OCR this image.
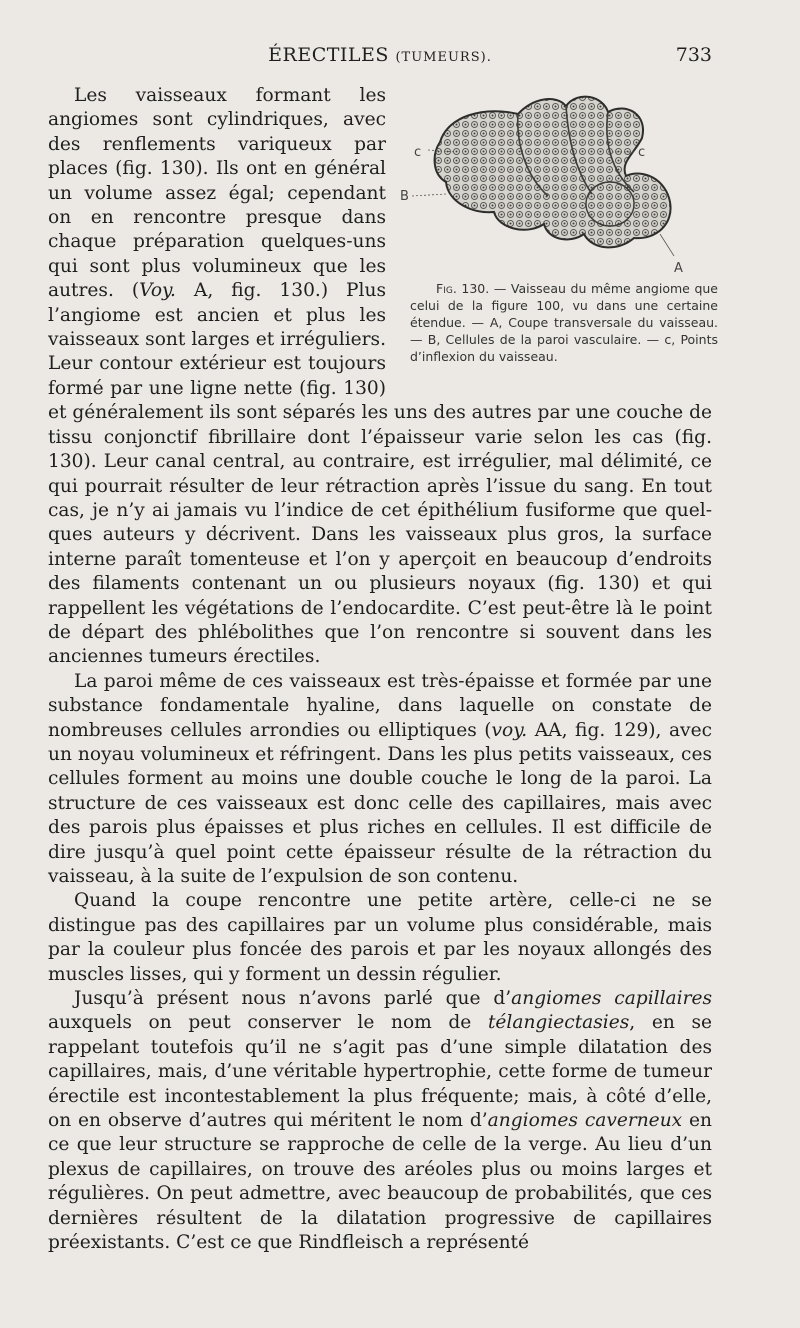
ÉRECTILES (TUMEURS).	733

c	c
B
A
Fig. 130. — Vaisseau du même angiome que celui de la figure 100, vu dans une certaine étendue. — A, Coupe transversale du vaisseau. — B, Cellules de la paroi vasculaire. — c, Points d’inflexion du vaisseau.
Les vaisseaux formant les angiomes sont cylindriques, avec des renflements variqueux par places (fig. 130). Ils ont en général un volume assez égal; cependant on en rencontre presque dans chaque préparation quelques-uns qui sont plus volumineux que les autres. (Voy. A, fig. 130.) Plus l’angiome est ancien et plus les vaisseaux sont larges et irréguliers. Leur contour extérieur est toujours formé par une ligne nette (fig. 130) et généralement ils sont séparés les uns des autres par une couche de tissu conjonctif fibrillaire dont l’épaisseur varie selon les cas (fig. 130). Leur canal central, au contraire, est irrégulier, mal délimité, ce qui pourrait résulter de leur rétraction après l’issue du sang. En tout cas, je n’y ai jamais vu l’indice de cet épithélium fusiforme que quelques auteurs y décrivent. Dans les vaisseaux plus gros, la surface interne paraît tomenteuse et l’on y aperçoit en beaucoup d’endroits des filaments contenant un ou plusieurs noyaux (fig. 130) et qui rappellent les végétations de l’endocardite. C’est peut-être là le point de départ des phlébolithes que l’on rencontre si souvent dans les anciennes tumeurs érectiles.

La paroi même de ces vaisseaux est très-épaisse et formée par une substance fondamentale hyaline, dans laquelle on constate de nombreuses cellules arrondies ou elliptiques (voy. AA, fig. 129), avec un noyau volumineux et réfringent. Dans les plus petits vaisseaux, ces cellules forment au moins une double couche le long de la paroi. La structure de ces vaisseaux est donc celle des capillaires, mais avec des parois plus épaisses et plus riches en cellules. Il est difficile de dire jusqu’à quel point cette épaisseur résulte de la rétraction du vaisseau, à la suite de l’expulsion de son contenu.

Quand la coupe rencontre une petite artère, celle-ci ne se distingue pas des capillaires par un volume plus considérable, mais par la couleur plus foncée des parois et par les noyaux allongés des muscles lisses, qui y forment un dessin régulier.

Jusqu’à présent nous n’avons parlé que d’angiomes capillaires auxquels on peut conserver le nom de télangiectasies, en se rappelant toutefois qu’il ne s’agit pas d’une simple dilatation des capillaires, mais, d’une véritable hypertrophie, cette forme de tumeur érectile est incontestablement la plus fréquente; mais, à côté d’elle, on en observe d’autres qui méritent le nom d’angiomes caverneux en ce que leur structure se rapproche de celle de la verge. Au lieu d’un plexus de capillaires, on trouve des aréoles plus ou moins larges et régulières. On peut admettre, avec beaucoup de probabilités, que ces dernières résultent de la dilatation progressive de capillaires préexistants. C’est ce que Rindfleisch a représenté
